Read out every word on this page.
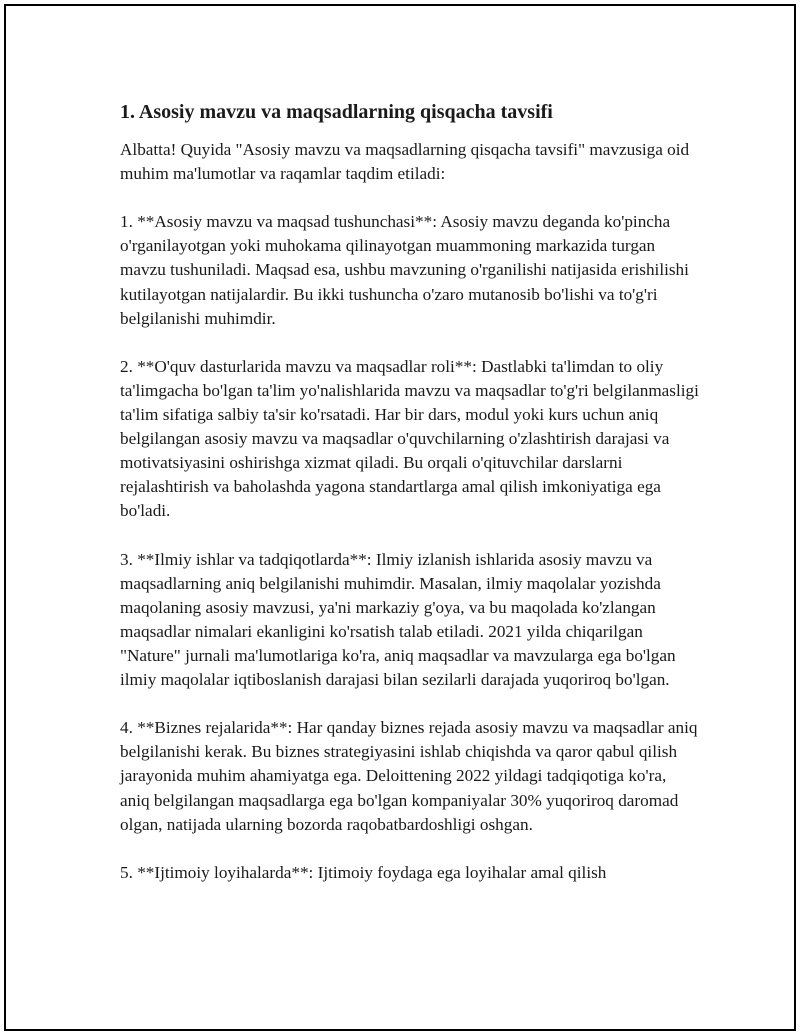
1. Asosiy mavzu va maqsadlarning qisqacha tavsifi

Albatta! Quyida "Asosiy mavzu va maqsadlarning qisqacha tavsifi" mavzusiga oid muhim ma'lumotlar va raqamlar taqdim etiladi:

1. **Asosiy mavzu va maqsad tushunchasi**: Asosiy mavzu deganda ko'pincha o'rganilayotgan yoki muhokama qilinayotgan muammoning markazida turgan mavzu tushuniladi. Maqsad esa, ushbu mavzuning o'rganilishi natijasida erishilishi kutilayotgan natijalardir. Bu ikki tushuncha o'zaro mutanosib bo'lishi va to'g'ri belgilanishi muhimdir.

2. **O'quv dasturlarida mavzu va maqsadlar roli**: Dastlabki ta'limdan to oliy ta'limgacha bo'lgan ta'lim yo'nalishlarida mavzu va maqsadlar to'g'ri belgilanmasligi ta'lim sifatiga salbiy ta'sir ko'rsatadi. Har bir dars, modul yoki kurs uchun aniq belgilangan asosiy mavzu va maqsadlar o'quvchilarning o'zlashtirish darajasi va motivatsiyasini oshirishga xizmat qiladi. Bu orqali o'qituvchilar darslarni rejalashtirish va baholashda yagona standartlarga amal qilish imkoniyatiga ega bo'ladi.

3. **Ilmiy ishlar va tadqiqotlarda**: Ilmiy izlanish ishlarida asosiy mavzu va maqsadlarning aniq belgilanishi muhimdir. Masalan, ilmiy maqolalar yozishda maqolaning asosiy mavzusi, ya'ni markaziy g'oya, va bu maqolada ko'zlangan maqsadlar nimalari ekanligini ko'rsatish talab etiladi. 2021 yilda chiqarilgan "Nature" jurnali ma'lumotlariga ko'ra, aniq maqsadlar va mavzularga ega bo'lgan ilmiy maqolalar iqtiboslanish darajasi bilan sezilarli darajada yuqoriroq bo'lgan.

4. **Biznes rejalarida**: Har qanday biznes rejada asosiy mavzu va maqsadlar aniq belgilanishi kerak. Bu biznes strategiyasini ishlab chiqishda va qaror qabul qilish jarayonida muhim ahamiyatga ega. Deloittening 2022 yildagi tadqiqotiga ko'ra, aniq belgilangan maqsadlarga ega bo'lgan kompaniyalar 30% yuqoriroq daromad olgan, natijada ularning bozorda raqobatbardoshligi oshgan.

5. **Ijtimoiy loyihalarda**: Ijtimoiy foydaga ega loyihalar amal qilish
